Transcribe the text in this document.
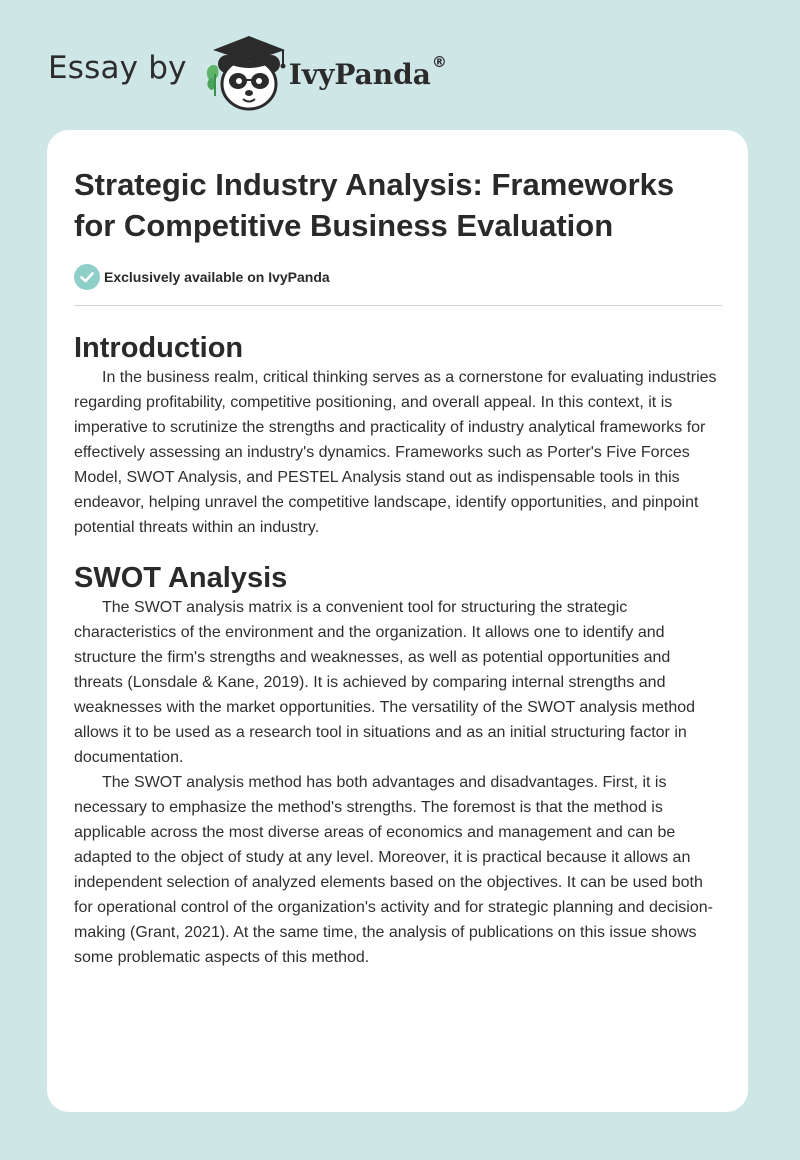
Essay by	IvyPanda ®
Strategic Industry Analysis: Frameworks for Competitive Business Evaluation
Exclusively available on IvyPanda
Introduction

In the business realm, critical thinking serves as a cornerstone for evaluating industries regarding profitability, competitive positioning, and overall appeal. In this context, it is imperative to scrutinize the strengths and practicality of industry analytical frameworks for effectively assessing an industry's dynamics. Frameworks such as Porter's Five Forces Model, SWOT Analysis, and PESTEL Analysis stand out as indispensable tools in this endeavor, helping unravel the competitive landscape, identify opportunities, and pinpoint potential threats within an industry.

SWOT Analysis

The SWOT analysis matrix is a convenient tool for structuring the strategic characteristics of the environment and the organization. It allows one to identify and structure the firm's strengths and weaknesses, as well as potential opportunities and threats (Lonsdale & Kane, 2019). It is achieved by comparing internal strengths and weaknesses with the market opportunities. The versatility of the SWOT analysis method allows it to be used as a research tool in situations and as an initial structuring factor in documentation.

The SWOT analysis method has both advantages and disadvantages. First, it is necessary to emphasize the method's strengths. The foremost is that the method is applicable across the most diverse areas of economics and management and can be adapted to the object of study at any level. Moreover, it is practical because it allows an independent selection of analyzed elements based on the objectives. It can be used both for operational control of the organization's activity and for strategic planning and decision-making (Grant, 2021). At the same time, the analysis of publications on this issue shows some problematic aspects of this method.
